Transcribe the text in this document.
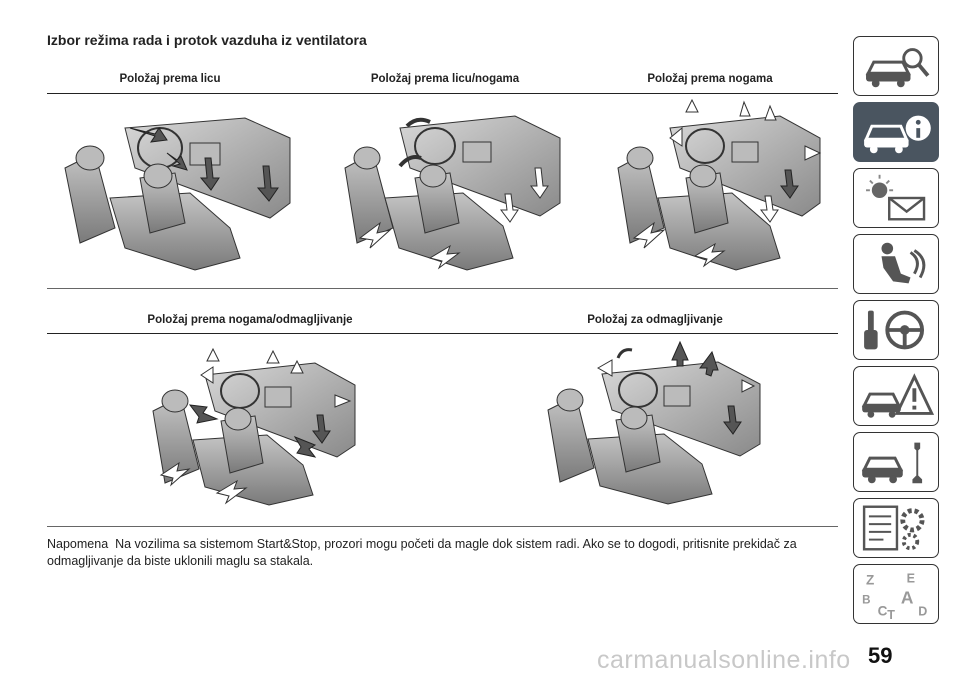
Izbor režima rada i protok vazduha iz ventilatora
Položaj prema licu	Položaj prema licu/nogama	Položaj prema nogama
Položaj prema nogama/odmagljivanje	Položaj za odmagljivanje
Napomena Na vozilima sa sistemom Start&Stop, prozori mogu početi da magle dok sistem radi. Ako se to dogodi, pritisnite prekidač za odmagljivanje da biste uklonili maglu sa stakala.
Z E
B A
C D
T
59
carmanualsonline.info
